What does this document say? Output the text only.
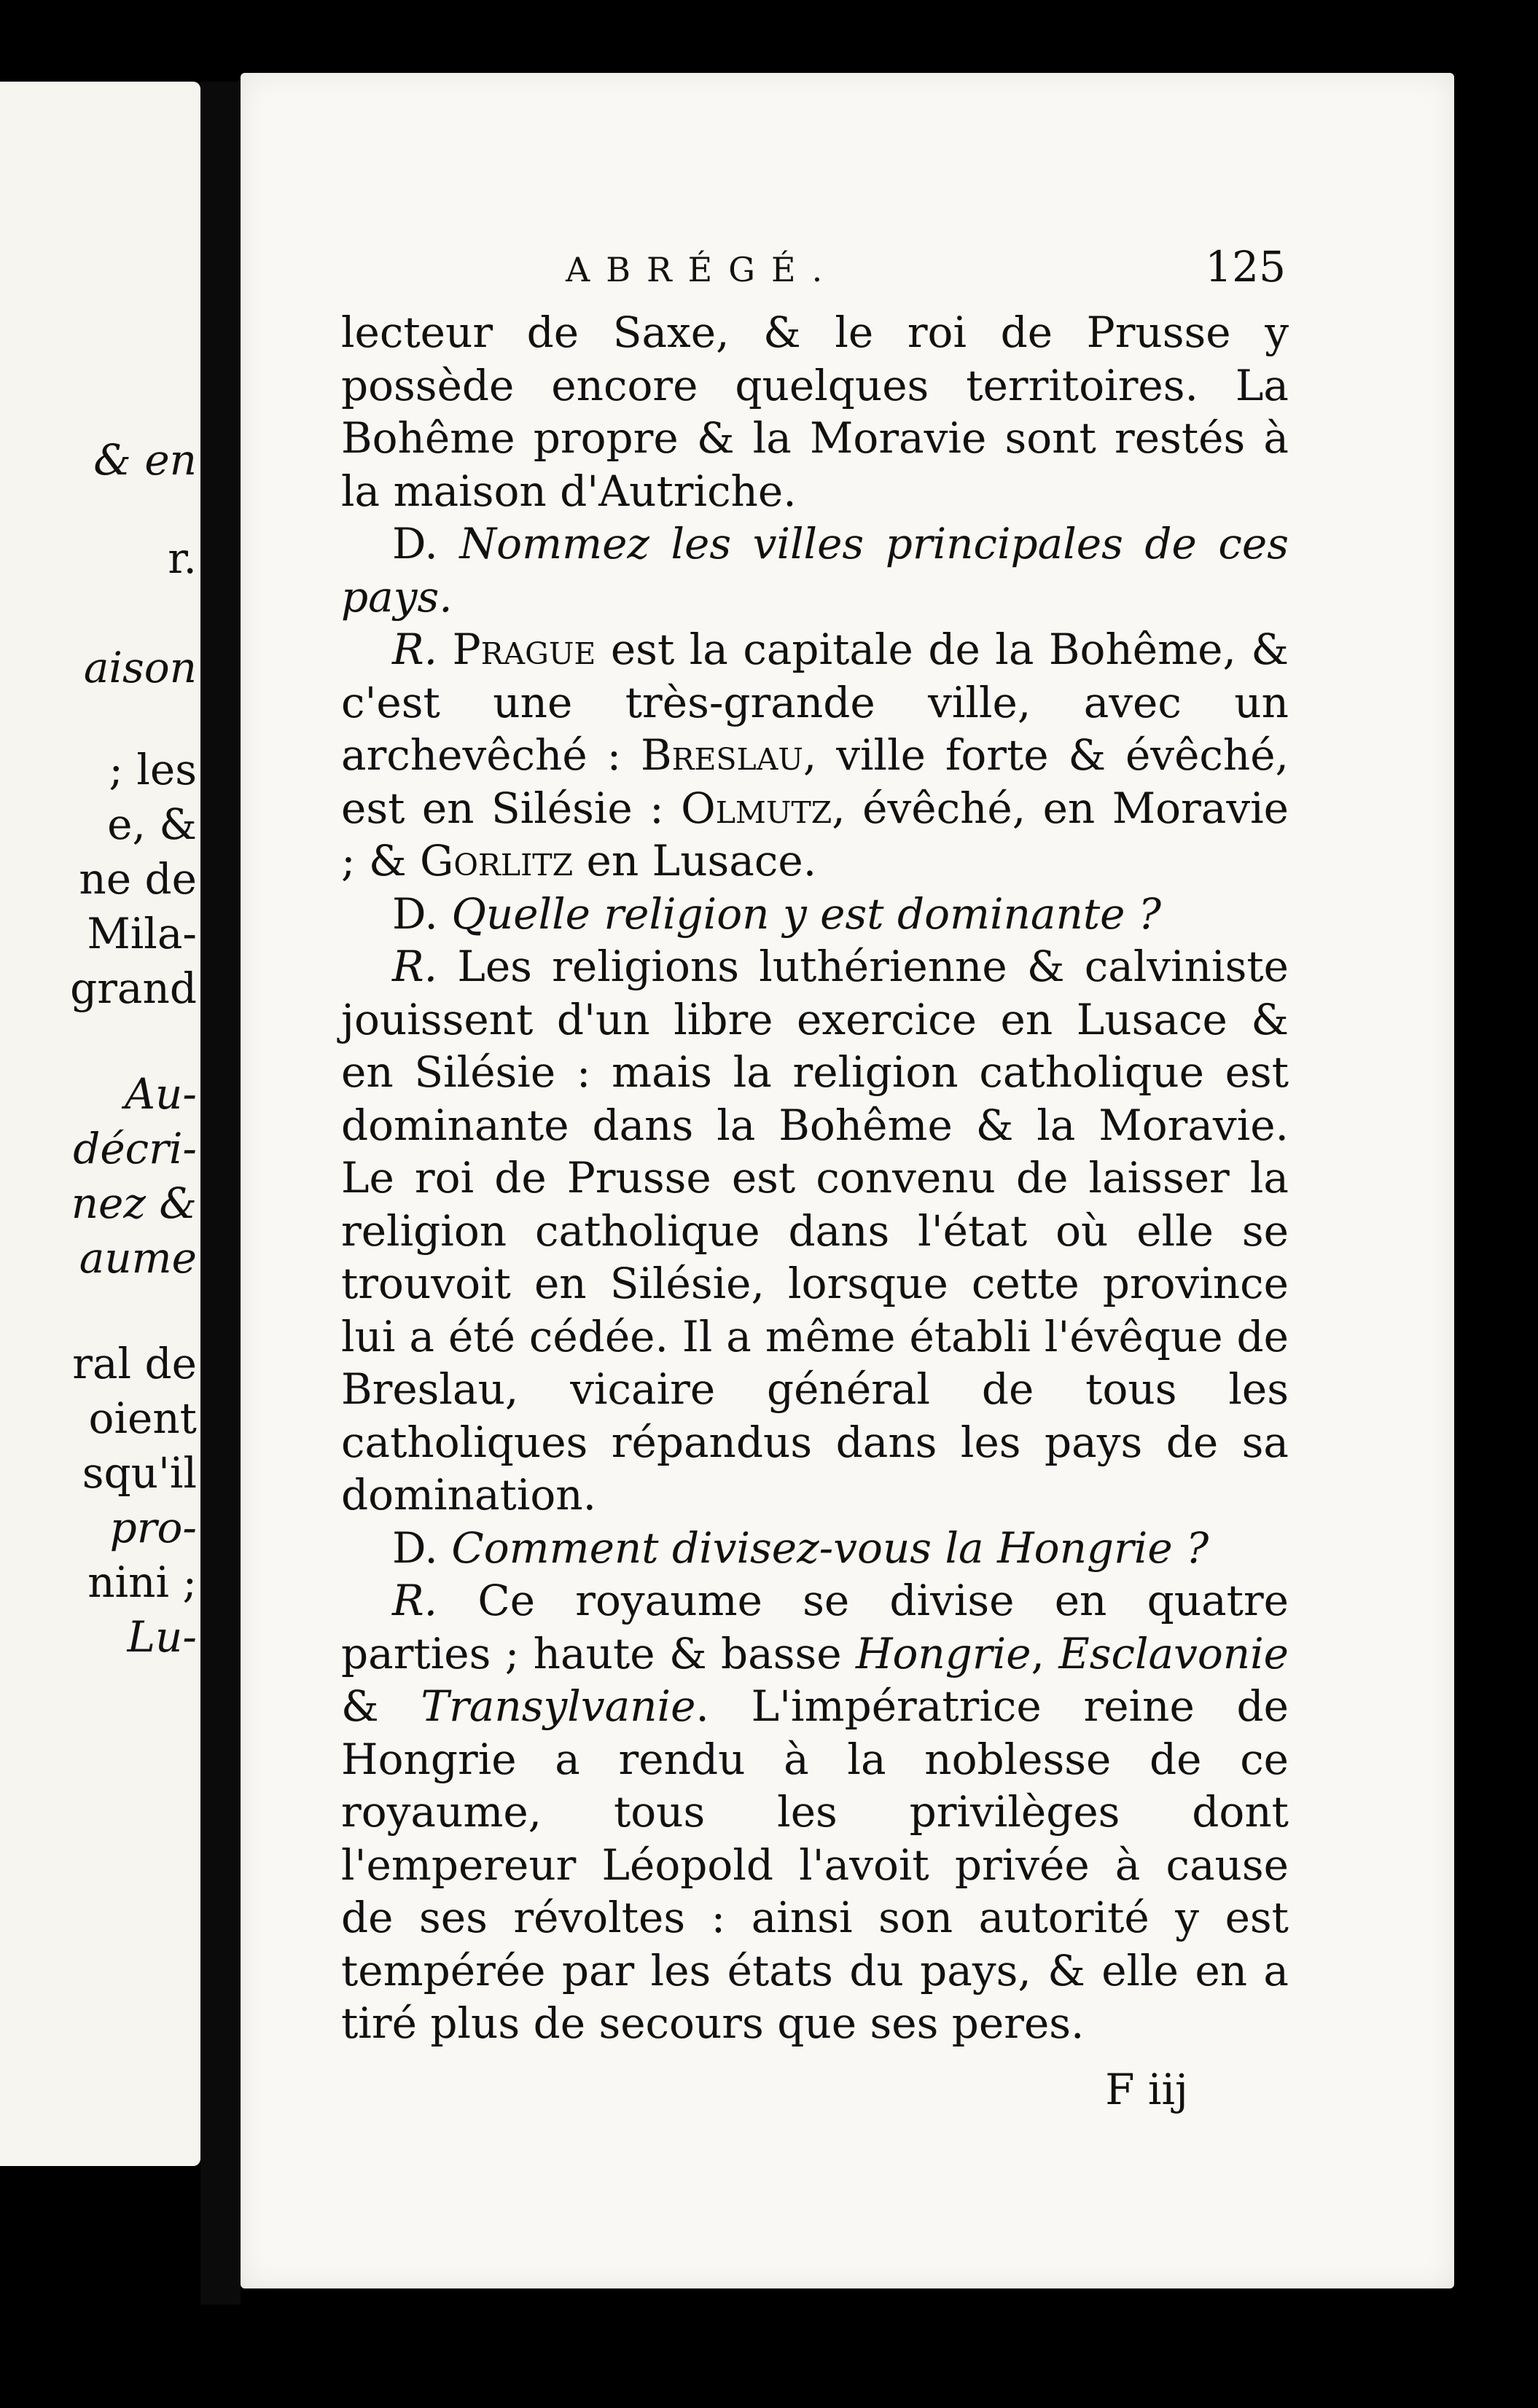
& en
r.
aison
; les
e, &
ne de
Mila-
grand
Au-
décri-
nez &
aume
ral de
oient
squ'il
pro-
nini ;
Lu-
ABRÉGÉ.	125

lecteur de Saxe, & le roi de Prusse y possède encore quelques territoires. La Bohême propre & la Moravie sont restés à la maison d'Autriche.

D. Nommez les villes principales de ces pays.

R. Prague est la capitale de la Bohême, & c'est une très-grande ville, avec un archevêché : Breslau, ville forte & évêché, est en Silésie : Olmutz, évêché, en Moravie ; & Gorlitz en Lusace.

D. Quelle religion y est dominante ?

R. Les religions luthérienne & calviniste jouissent d'un libre exercice en Lusace & en Silésie : mais la religion catholique est dominante dans la Bohême & la Moravie. Le roi de Prusse est convenu de laisser la religion catholique dans l'état où elle se trouvoit en Silésie, lorsque cette province lui a été cédée. Il a même établi l'évêque de Breslau, vicaire général de tous les catholiques répandus dans les pays de sa domination.

D. Comment divisez-vous la Hongrie ?

R. Ce royaume se divise en quatre parties ; haute & basse Hongrie, Esclavonie & Transylvanie. L'impératrice reine de Hongrie a rendu à la noblesse de ce royaume, tous les privilèges dont l'empereur Léopold l'avoit privée à cause de ses révoltes : ainsi son autorité y est tempérée par les états du pays, & elle en a tiré plus de secours que ses peres.

F iij
